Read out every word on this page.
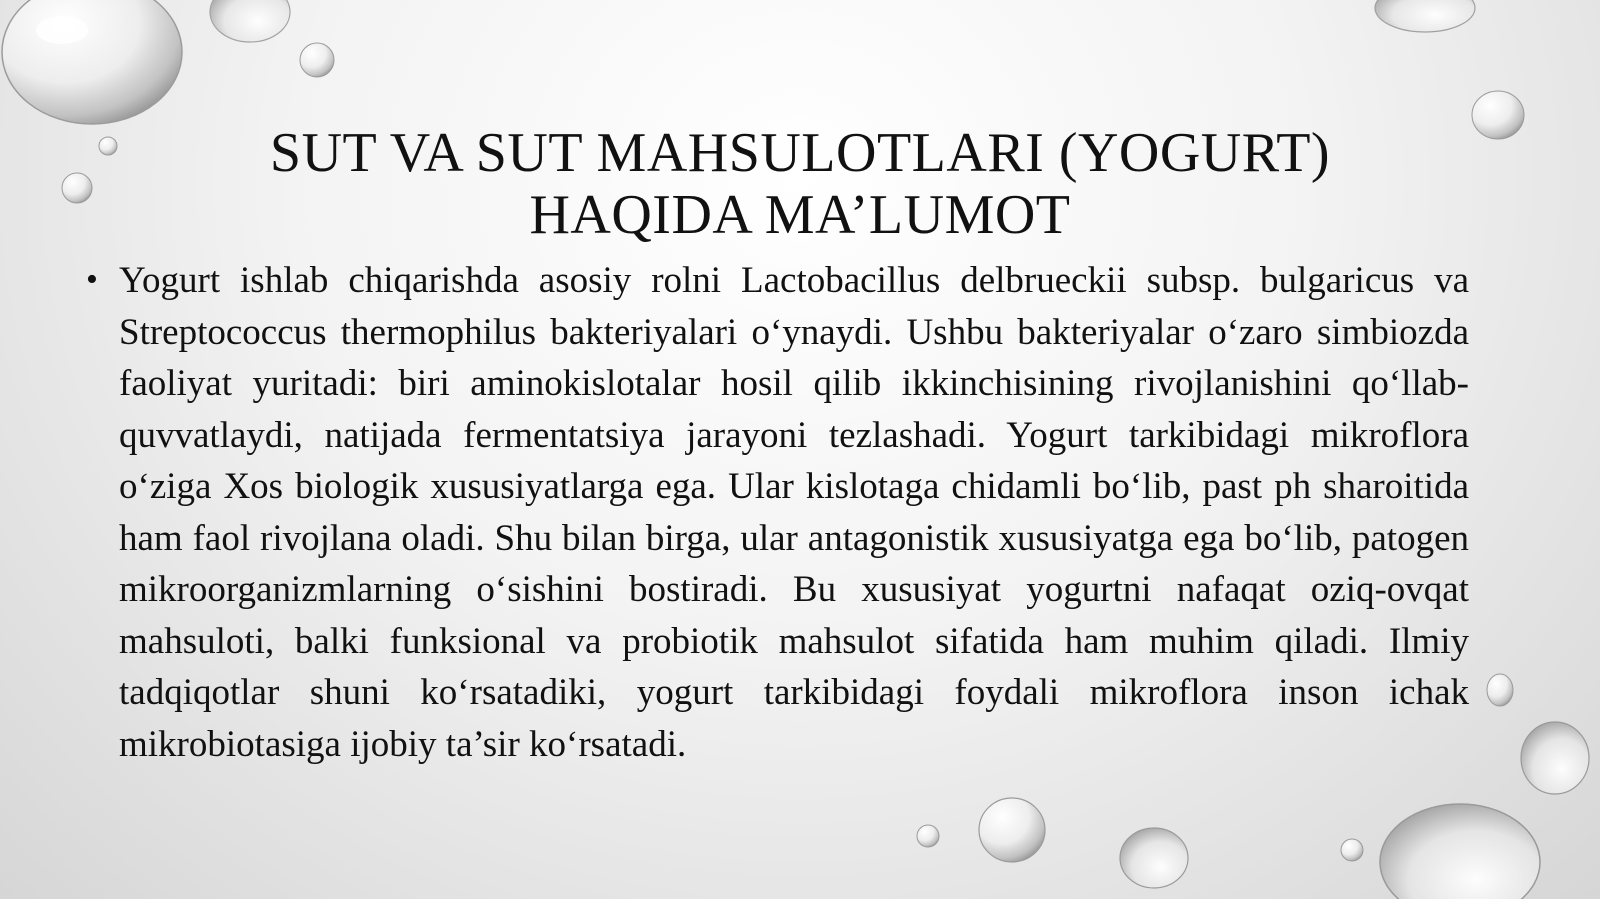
SUT VA SUT MAHSULOTLARI (YOGURT)
HAQIDA MA’LUMOT
• Yogurt ishlab chiqarishda asosiy rolni Lactobacillus delbrueckii subsp. bulgaricus va Streptococcus thermophilus bakteriyalari o‘ynaydi. Ushbu bakteriyalar o‘zaro simbiozda faoliyat yuritadi: biri aminokislotalar hosil qilib ikkinchisining rivojlanishini qo‘llab-quvvatlaydi, natijada fermentatsiya jarayoni tezlashadi. Yogurt tarkibidagi mikroflora o‘ziga Xos biologik xususiyatlarga ega. Ular kislotaga chidamli bo‘lib, past ph sharoitida ham faol rivojlana oladi. Shu bilan birga, ular antagonistik xususiyatga ega bo‘lib, patogen mikroorganizmlarning o‘sishini bostiradi. Bu xususiyat yogurtni nafaqat oziq-ovqat mahsuloti, balki funksional va probiotik mahsulot sifatida ham muhim qiladi. Ilmiy tadqiqotlar shuni ko‘rsatadiki, yogurt tarkibidagi foydali mikroflora inson ichak mikrobiotasiga ijobiy ta’sir ko‘rsatadi.
